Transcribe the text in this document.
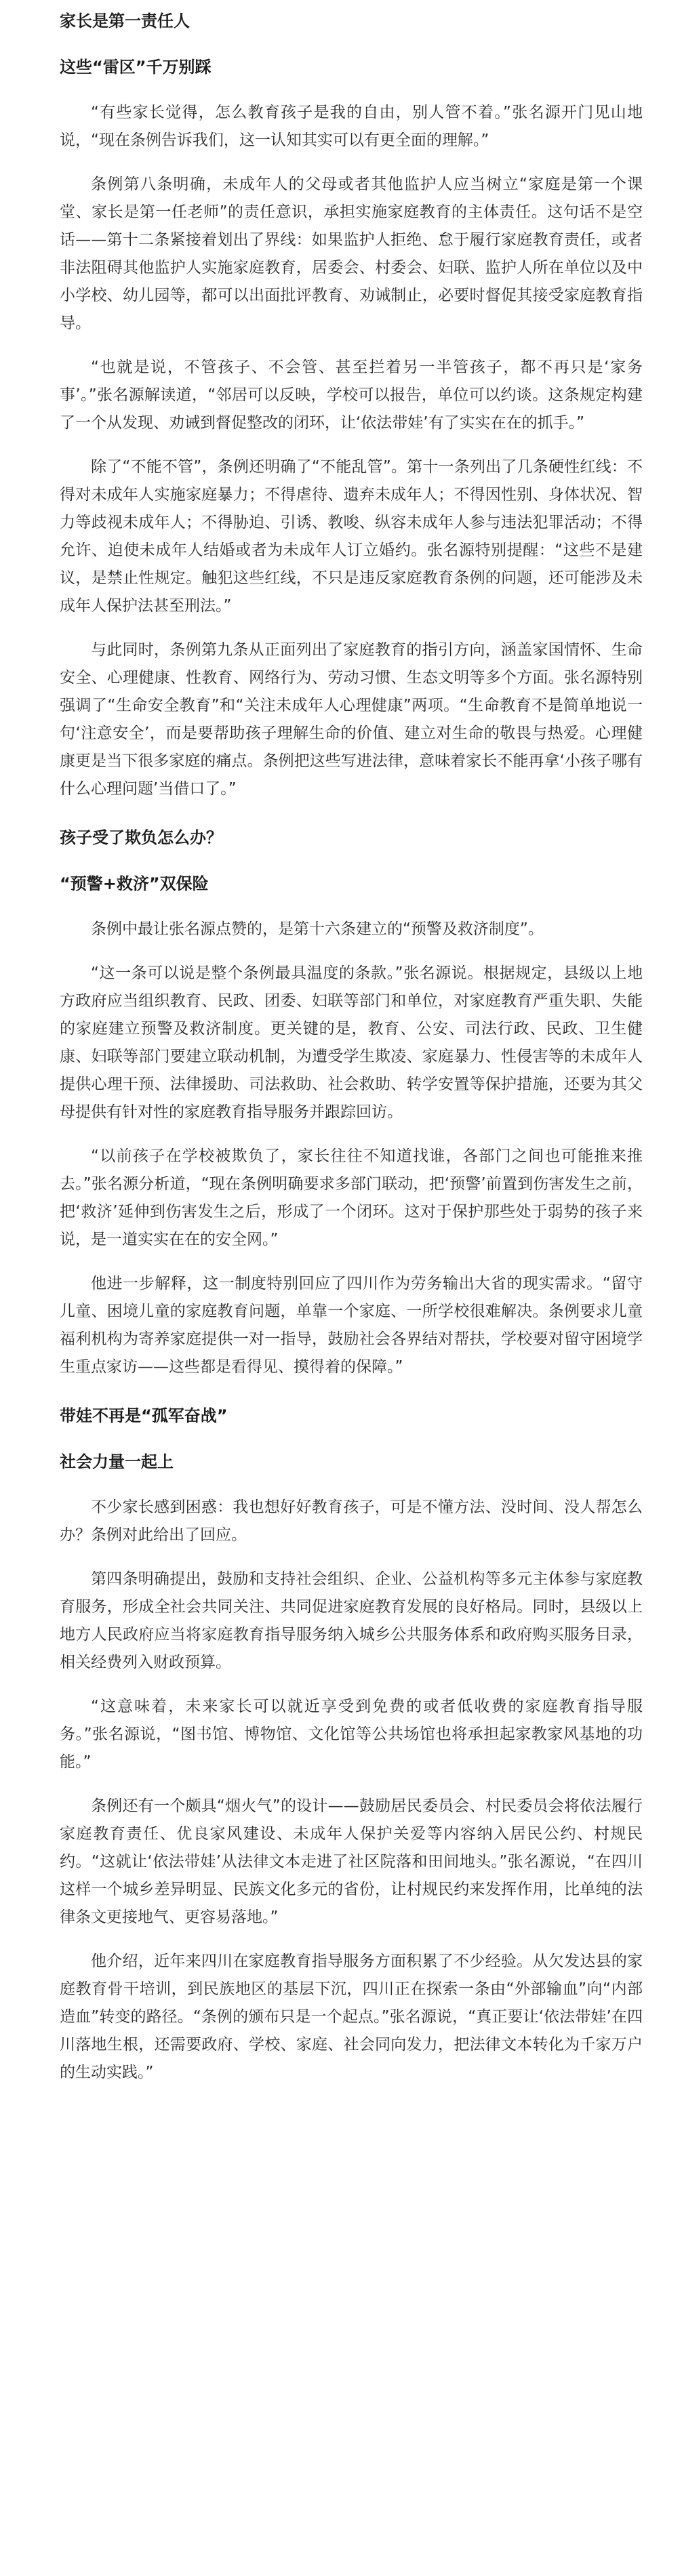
家长是第一责任人
这些“雷区”千万别踩

“有些家长觉得，怎么教育孩子是我的自由，别人管不着。”张名源开门见山地说，“现在条例告诉我们，这一认知其实可以有更全面的理解。”

条例第八条明确，未成年人的父母或者其他监护人应当树立“家庭是第一个课堂、家长是第一任老师”的责任意识，承担实施家庭教育的主体责任。这句话不是空话——第十二条紧接着划出了界线：如果监护人拒绝、怠于履行家庭教育责任，或者非法阻碍其他监护人实施家庭教育，居委会、村委会、妇联、监护人所在单位以及中小学校、幼儿园等，都可以出面批评教育、劝诫制止，必要时督促其接受家庭教育指导。

“也就是说，不管孩子、不会管、甚至拦着另一半管孩子，都不再只是‘家务事’。”张名源解读道，“邻居可以反映，学校可以报告，单位可以约谈。这条规定构建了一个从发现、劝诫到督促整改的闭环，让‘依法带娃’有了实实在在的抓手。”

除了“不能不管”，条例还明确了“不能乱管”。第十一条列出了几条硬性红线：不得对未成年人实施家庭暴力；不得虐待、遗弃未成年人；不得因性别、身体状况、智力等歧视未成年人；不得胁迫、引诱、教唆、纵容未成年人参与违法犯罪活动；不得允许、迫使未成年人结婚或者为未成年人订立婚约。张名源特别提醒：“这些不是建议，是禁止性规定。触犯这些红线，不只是违反家庭教育条例的问题，还可能涉及未成年人保护法甚至刑法。”

与此同时，条例第九条从正面列出了家庭教育的指引方向，涵盖家国情怀、生命安全、心理健康、性教育、网络行为、劳动习惯、生态文明等多个方面。张名源特别强调了“生命安全教育”和“关注未成年人心理健康”两项。“生命教育不是简单地说一句‘注意安全’，而是要帮助孩子理解生命的价值、建立对生命的敬畏与热爱。心理健康更是当下很多家庭的痛点。条例把这些写进法律，意味着家长不能再拿‘小孩子哪有什么心理问题’当借口了。”

孩子受了欺负怎么办？
“预警+救济”双保险

条例中最让张名源点赞的，是第十六条建立的“预警及救济制度”。

“这一条可以说是整个条例最具温度的条款。”张名源说。根据规定，县级以上地方政府应当组织教育、民政、团委、妇联等部门和单位，对家庭教育严重失职、失能的家庭建立预警及救济制度。更关键的是，教育、公安、司法行政、民政、卫生健康、妇联等部门要建立联动机制，为遭受学生欺凌、家庭暴力、性侵害等的未成年人提供心理干预、法律援助、司法救助、社会救助、转学安置等保护措施，还要为其父母提供有针对性的家庭教育指导服务并跟踪回访。

“以前孩子在学校被欺负了，家长往往不知道找谁，各部门之间也可能推来推去。”张名源分析道，“现在条例明确要求多部门联动，把‘预警’前置到伤害发生之前，把‘救济’延伸到伤害发生之后，形成了一个闭环。这对于保护那些处于弱势的孩子来说，是一道实实在在的安全网。”

他进一步解释，这一制度特别回应了四川作为劳务输出大省的现实需求。“留守儿童、困境儿童的家庭教育问题，单靠一个家庭、一所学校很难解决。条例要求儿童福利机构为寄养家庭提供一对一指导，鼓励社会各界结对帮扶，学校要对留守困境学生重点家访——这些都是看得见、摸得着的保障。”

带娃不再是“孤军奋战”
社会力量一起上

不少家长感到困惑：我也想好好教育孩子，可是不懂方法、没时间、没人帮怎么办？条例对此给出了回应。

第四条明确提出，鼓励和支持社会组织、企业、公益机构等多元主体参与家庭教育服务，形成全社会共同关注、共同促进家庭教育发展的良好格局。同时，县级以上地方人民政府应当将家庭教育指导服务纳入城乡公共服务体系和政府购买服务目录，相关经费列入财政预算。

“这意味着，未来家长可以就近享受到免费的或者低收费的家庭教育指导服务。”张名源说，“图书馆、博物馆、文化馆等公共场馆也将承担起家教家风基地的功能。”

条例还有一个颇具“烟火气”的设计——鼓励居民委员会、村民委员会将依法履行家庭教育责任、优良家风建设、未成年人保护关爱等内容纳入居民公约、村规民约。“这就让‘依法带娃’从法律文本走进了社区院落和田间地头。”张名源说，“在四川这样一个城乡差异明显、民族文化多元的省份，让村规民约来发挥作用，比单纯的法律条文更接地气、更容易落地。”

他介绍，近年来四川在家庭教育指导服务方面积累了不少经验。从欠发达县的家庭教育骨干培训，到民族地区的基层下沉，四川正在探索一条由“外部输血”向“内部造血”转变的路径。“条例的颁布只是一个起点。”张名源说，“真正要让‘依法带娃’在四川落地生根，还需要政府、学校、家庭、社会同向发力，把法律文本转化为千家万户的生动实践。”
